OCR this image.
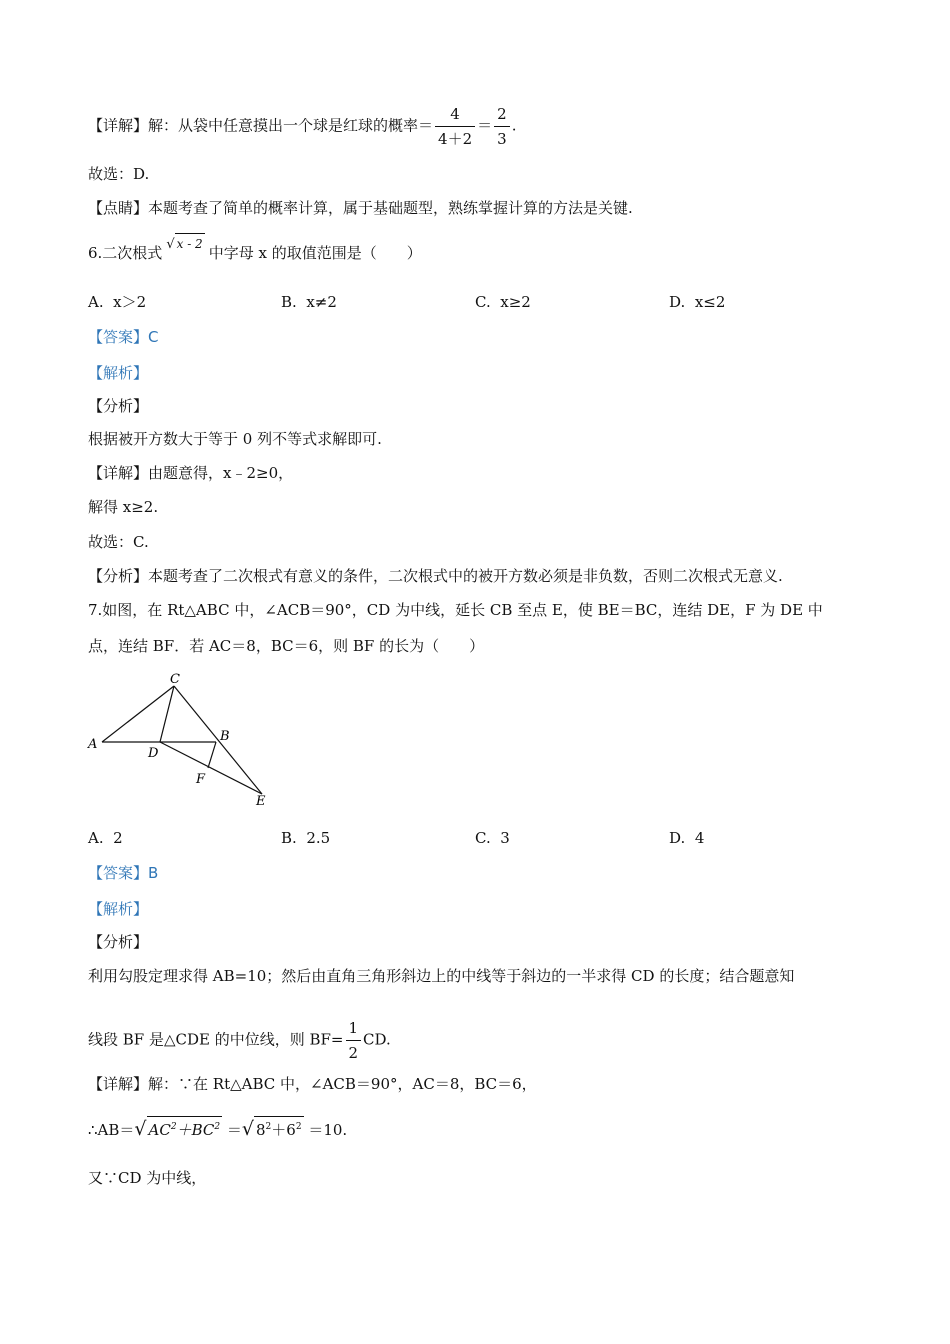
【详解】解：从袋中任意摸出一个球是红球的概率＝ $\frac{4}{4+2} = \frac{2}{3}$ .
故选：D.
【点睛】本题考查了简单的概率计算，属于基础题型，熟练掌握计算的方法是关键.
6.二次根式 √ x - 2 中字母 x 的取值范围是（　　）
A. x＞2	B. x≠2	C. x≥2	D. x≤2
【答案】C
【解析】
【分析】
根据被开方数大于等于 0 列不等式求解即可.
【详解】由题意得，x﹣2≥0，
解得 x≥2.
故选：C.
【分析】本题考查了二次根式有意义的条件，二次根式中的被开方数必须是非负数，否则二次根式无意义.
7.如图，在 Rt△ABC 中，∠ACB＝90°，CD 为中线，延长 CB 至点 E，使 BE＝BC，连结 DE，F 为 DE 中
点，连结 BF．若 AC＝8，BC＝6，则 BF 的长为（　　）
A
C
B
D
F
E
A. 2	B. 2.5	C. 3	D. 4
【答案】B
【解析】
【分析】
利用勾股定理求得 AB=10；然后由直角三角形斜边上的中线等于斜边的一半求得 CD 的长度；结合题意知
线段 BF 是△CDE 的中位线，则 $BF= \frac{1}{2}$ CD.
【详解】解：∵在 Rt△ABC 中，∠ACB＝90°，AC＝8，BC＝6，
∴AB＝√ $AC^2+BC^2$ ＝√ $8^2+6^2 =10$.
又∵CD 为中线，
